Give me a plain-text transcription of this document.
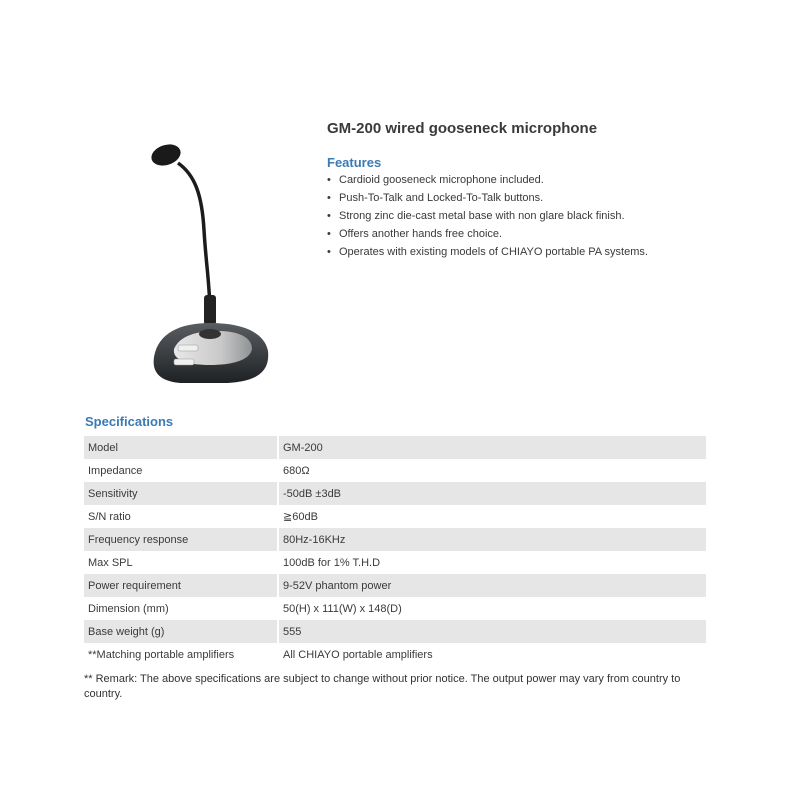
GM-200 wired gooseneck microphone
Features
• Cardioid gooseneck microphone included.
• Push-To-Talk and Locked-To-Talk buttons.
• Strong zinc die-cast metal base with non glare black finish.
• Offers another hands free choice.
• Operates with existing models of CHIAYO portable PA systems.
Specifications
Model	GM-200
Impedance	680Ω
Sensitivity	-50dB ±3dB
S/N ratio	≧60dB
Frequency response	80Hz-16KHz
Max SPL	100dB for 1% T.H.D
Power requirement	9-52V phantom power
Dimension (mm)	50(H) x 111(W) x 148(D)
Base weight (g)	555
**Matching portable amplifiers	All CHIAYO portable amplifiers

** Remark: The above specifications are subject to change without prior notice. The output power may vary from country to country.
